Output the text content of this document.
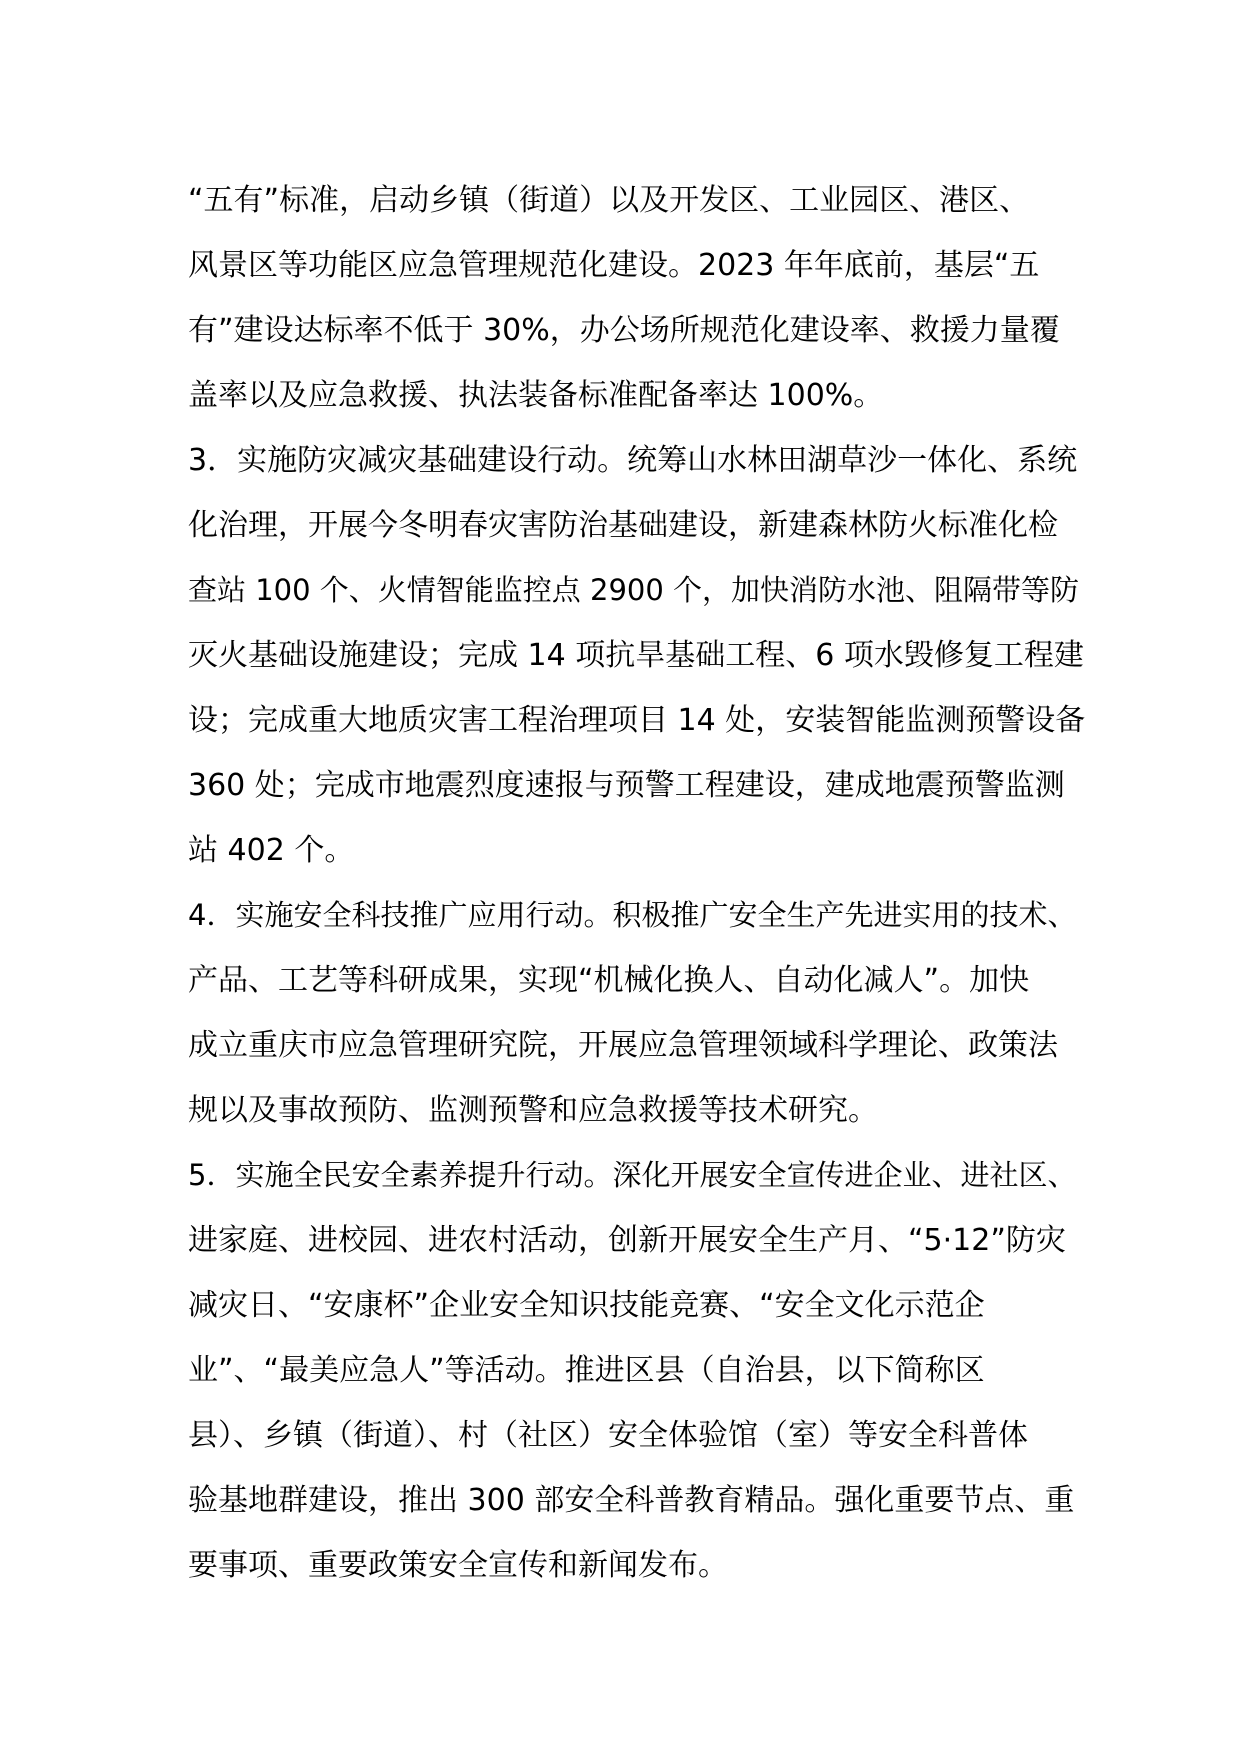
“五有”标准，启动乡镇（街道）以及开发区、工业园区、港区、
风景区等功能区应急管理规范化建设。2023 年年底前，基层“五
有”建设达标率不低于 30%，办公场所规范化建设率、救援力量覆
盖率以及应急救援、执法装备标准配备率达 100%。
3．实施防灾减灾基础建设行动。统筹山水林田湖草沙一体化、系统
化治理，开展今冬明春灾害防治基础建设，新建森林防火标准化检
查站 100 个、火情智能监控点 2900 个，加快消防水池、阻隔带等防
灭火基础设施建设；完成 14 项抗旱基础工程、6 项水毁修复工程建
设；完成重大地质灾害工程治理项目 14 处，安装智能监测预警设备
360 处；完成市地震烈度速报与预警工程建设，建成地震预警监测
站 402 个。
4．实施安全科技推广应用行动。积极推广安全生产先进实用的技术、
产品、工艺等科研成果，实现“机械化换人、自动化减人”。加快
成立重庆市应急管理研究院，开展应急管理领域科学理论、政策法
规以及事故预防、监测预警和应急救援等技术研究。
5．实施全民安全素养提升行动。深化开展安全宣传进企业、进社区、
进家庭、进校园、进农村活动，创新开展安全生产月、“5·12”防灾
减灾日、“安康杯”企业安全知识技能竞赛、“安全文化示范企
业”、“最美应急人”等活动。推进区县（自治县，以下简称区
县）、乡镇（街道）、村（社区）安全体验馆（室）等安全科普体
验基地群建设，推出 300 部安全科普教育精品。强化重要节点、重
要事项、重要政策安全宣传和新闻发布。
